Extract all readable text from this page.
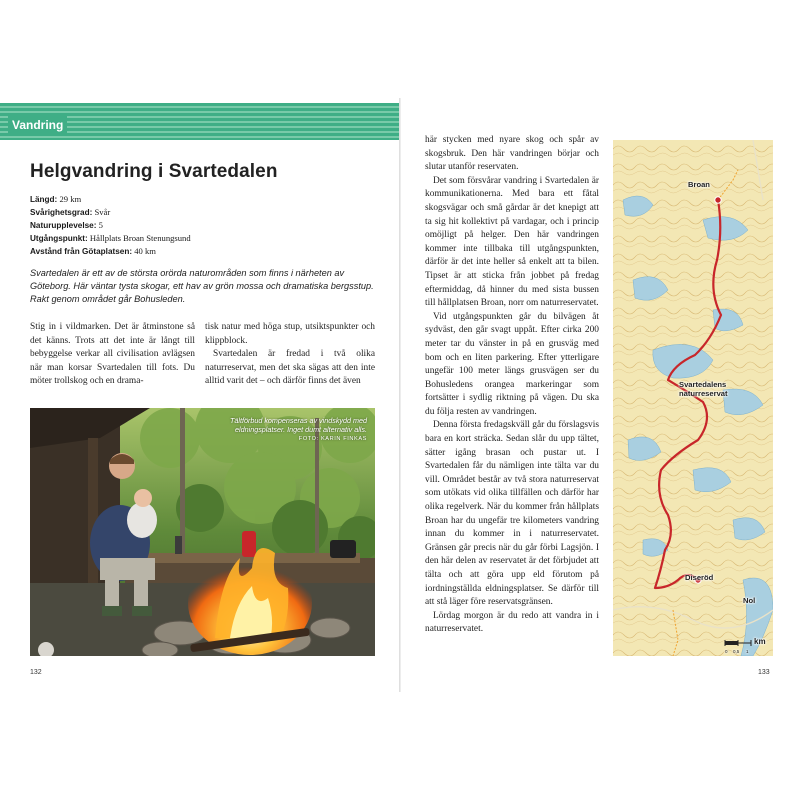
Vandring
Helgvandring i Svartedalen
Längd: 29 km
Svårighetsgrad: Svår
Naturupplevelse: 5
Utgångspunkt: Hållplats Broan Stenungsund
Avstånd från Götaplatsen: 40 km

Svartedalen är ett av de största orörda naturområden som finns i närheten av Göteborg. Här väntar tysta skogar, ett hav av grön mossa och dramatiska bergsstup. Rakt genom området går Bohusleden.

Stig in i vildmarken. Det är åtminstone så det känns. Trots att det inte är långt till bebyggelse verkar all civilisation avlägsen när man korsar Svartedalen till fots. Du möter trollskog och en drama-

tisk natur med höga stup, utsiktspunkter och klippblock.

Svartedalen är fredad i två olika naturreservat, men det ska sägas att den inte alltid varit det – och därför finns det även

Tältförbud kompenseras av vindskydd med eldningsplatser. Inget dumt alternativ alls.
FOTO: KARIN FINKAS
132

här stycken med nyare skog och spår av skogsbruk. Den här vandringen börjar och slutar utanför reservaten.

Det som försvårar vandring i Svartedalen är kommunikationerna. Med bara ett fåtal skogsvägar och små gårdar är det knepigt att ta sig hit kollektivt på vardagar, och i princip omöjligt på helger. Den här vandringen kommer inte tillbaka till utgångspunkten, därför är det inte heller så enkelt att ta bilen. Tipset är att sticka från jobbet på fredag eftermiddag, då hinner du med sista bussen till hållplatsen Broan, norr om naturreservatet.

Vid utgångspunkten går du bilvägen åt sydväst, den går svagt uppåt. Efter cirka 200 meter tar du vänster in på en grusväg med bom och en liten parkering. Efter ytterligare ungefär 100 meter längs grusvägen ser du Bohusledens orangea markeringar som fortsätter i sydlig riktning på vägen. Du ska du följa resten av vandringen.

Denna första fredagskväll går du förslagsvis bara en kort sträcka. Sedan slår du upp tältet, sätter igång brasan och pustar ut. I Svartedalen får du nämligen inte tälta var du vill. Området består av två stora naturreservat som utökats vid olika tillfällen och därför har olika regelverk. När du kommer från hållplats Broan har du ungefär tre kilometers vandring innan du kommer in i naturreservatet. Gränsen går precis när du går förbi Lagsjön. I den här delen av reservatet är det förbjudet att tälta och att göra upp eld förutom på iordningställda eldningsplatser. Se därför till att stå läger före reservatsgränsen.

Lördag morgon är du redo att vandra in i naturreservatet.

Broan
Svartedalens naturreservat
Diseröd
Nol
km
0 0,5 1
133
